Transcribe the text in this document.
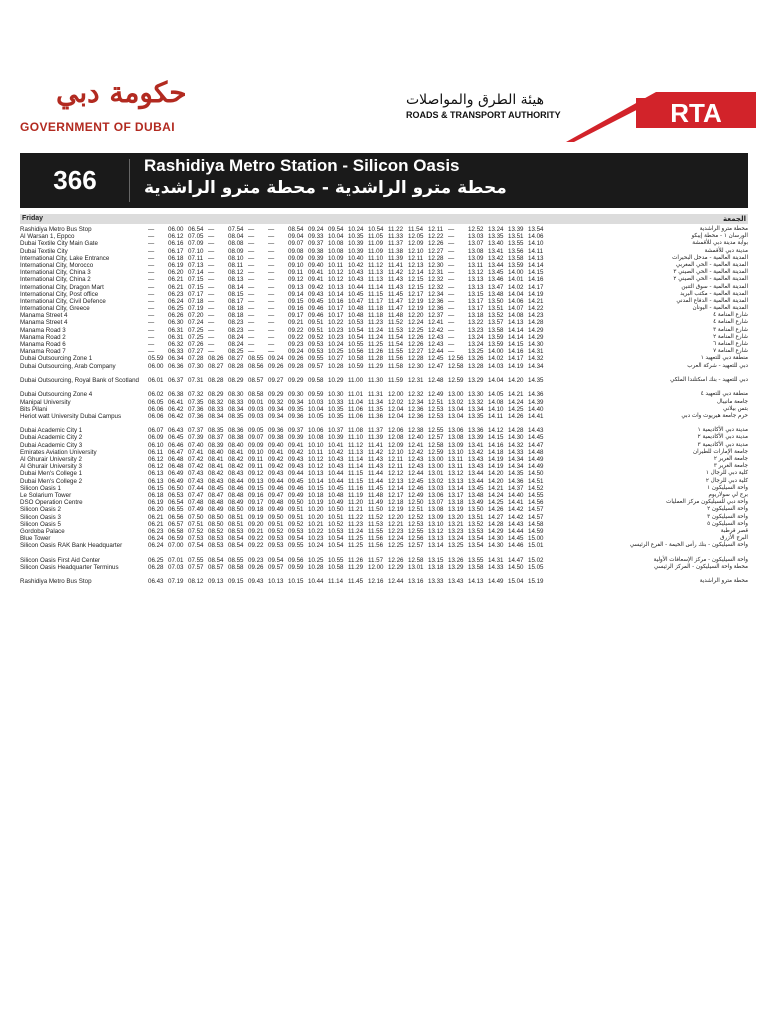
حكومة دبي
GOVERNMENT OF DUBAI
هيئة الطرق والمواصلات
ROADS & TRANSPORT AUTHORITY	RTA
366	Rashidiya Metro Station - Silicon Oasis
محطة مترو الراشدية - محطة مترو الراشدية
Friday	الجمعة
Rashidiya Metro Bus Stop	—	06.00 06.54 —	07.54 —	—	08.54 09.24 09.54 10.24 10.54 11.22 11.54 12.11 —	12.52 13.24 13.39 13.54	محطة مترو الراشدية
Al Warsan 1, Eppco	—	06.12 07.05 —	08.04 —	—	09.04 09.33 10.04 10.35 11.05 11.33 12.05 12.22 —	13.03 13.35 13.51 14.06	الورسان ١ - محطة إيبكو
Dubai Textile City Main Gate	—	06.16 07.09 —	08.08 —	—	09.07 09.37 10.08 10.39 11.09 11.37 12.09 12.26 —	13.07 13.40 13.55 14.10	بوابة مدينة دبي للأقمشة
Dubai Textile City	—	06.17 07.10 —	08.09 —	—	09.08 09.38 10.08 10.39 11.09 11.38 12.10 12.27 —	13.08 13.41 13.56 14.11	مدينة دبي للأقمشة
International City, Lake Entrance	—	06.18 07.11 —	08.10 —	—	09.09 09.39 10.09 10.40 11.10 11.39 12.11 12.28 —	13.09 13.42 13.58 14.13	المدينة العالمية - مدخل البحيرات
International City, Morocco	—	06.19 07.13 —	08.11 —	—	09.10 09.40 10.11 10.42 11.12 11.41 12.13 12.30 —	13.11 13.44 13.59 14.14	المدينة العالمية - الحي المغربي
International City, China 3	—	06.20 07.14 —	08.12 —	—	09.11 09.41 10.12 10.43 11.13 11.42 12.14 12.31 —	13.12 13.45 14.00 14.15	المدينة العالمية - الحي الصيني ٣
International City, China 2	—	06.21 07.15 —	08.13 —	—	09.12 09.41 10.12 10.43 11.13 11.43 12.15 12.32 —	13.13 13.46 14.01 14.16	المدينة العالمية - الحي الصيني ٢
International City, Dragon Mart	—	06.21 07.15 —	08.14 —	—	09.13 09.42 10.13 10.44 11.14 11.43 12.15 12.32 —	13.13 13.47 14.02 14.17	المدينة العالمية - سوق التنين
International City, Post office	—	06.23 07.17 —	08.15 —	—	09.14 09.43 10.14 10.45 11.15 11.45 12.17 12.34 —	13.15 13.48 14.04 14.19	المدينة العالمية - مكتب البريد
International City, Civil Defence	—	06.24 07.18 —	08.17 —	—	09.15 09.45 10.16 10.47 11.17 11.47 12.19 12.36 —	13.17 13.50 14.06 14.21	المدينة العالمية - الدفاع المدني
International City, Greece	—	06.25 07.19 —	08.18 —	—	09.16 09.46 10.17 10.48 11.18 11.47 12.19 12.36 —	13.17 13.51 14.07 14.22	المدينة العالمية - اليونان
Manama Street 4	—	06.26 07.20 —	08.18 —	—	09.17 09.46 10.17 10.48 11.18 11.48 12.20 12.37 —	13.18 13.52 14.08 14.23	شارع المنامة ٤
Manama Street 4	—	06.30 07.24 —	08.23 —	—	09.21 09.51 10.22 10.53 11.23 11.52 12.24 12.41 —	13.22 13.57 14.13 14.28	شارع المنامة ٤
Manama Road 3	—	06.31 07.25 —	08.23 —	—	09.22 09.51 10.23 10.54 11.24 11.53 12.25 12.42 —	13.23 13.58 14.14 14.29	شارع المنامة ٣
Manama Road 2	—	06.31 07.25 —	08.24 —	—	09.22 09.52 10.23 10.54 11.24 11.54 12.26 12.43 —	13.24 13.59 14.14 14.29	شارع المنامة ٢
Manama Road 6	—	06.32 07.26 —	08.24 —	—	09.23 09.53 10.24 10.55 11.25 11.54 12.26 12.43 —	13.24 13.59 14.15 14.30	شارع المنامة ٦
Manama Road 7	—	06.33 07.27 —	08.25 —	—	09.24 09.53 10.25 10.56 11.26 11.55 12.27 12.44 —	13.25 14.00 14.16 14.31	شارع المنامة ٧
Dubai Outsourcing Zone 1	05.59 06.34 07.28 08.26 08.27 08.55 09.24 09.26 09.55 10.27 10.58 11.28 11.56 12.28 12.45 12.56 13.26 14.02 14.17 14.32	منطقة دبي للتعهيد ١
Dubai Outsourcing, Arab Company	06.00 06.36 07.30 08.27 08.28 08.56 09.26 09.28 09.57 10.28 10.59 11.29 11.58 12.30 12.47 12.58 13.28 14.03 14.19 14.34	دبي للتعهيد - شركة العرب
Dubai Outsourcing, Royal Bank of Scotland	06.01 06.37 07.31 08.28 08.29 08.57 09.27 09.29 09.58 10.29 11.00 11.30 11.59 12.31 12.48 12.59 13.29 14.04 14.20 14.35	دبي للتعهيد - بنك اسكتلندا الملكي
Dubai Outsourcing Zone 4	06.02 06.38 07.32 08.29 08.30 08.58 09.29 09.30 09.59 10.30 11.01 11.31 12.00 12.32 12.49 13.00 13.30 14.05 14.21 14.36	منطقة دبي للتعهيد ٤
Manipal University	06.05 06.41 07.35 08.32 08.33 09.01 09.32 09.34 10.03 10.33 11.04 11.34 12.02 12.34 12.51 13.02 13.32 14.08 14.24 14.39	جامعة مانيبال
Bits Pilani	06.06 06.42 07.36 08.33 08.34 09.03 09.34 09.35 10.04 10.35 11.06 11.35 12.04 12.36 12.53 13.04 13.34 14.10 14.25 14.40	بتس بيلاني
Heriot watt University Dubai Campus	06.06 06.42 07.36 08.34 08.35 09.03 09.34 09.36 10.05 10.35 11.06 11.36 12.04 12.36 12.53 13.04 13.35 14.11 14.26 14.41	حرم جامعة هيريوت وات دبي
Dubai Academic City 1	06.07 06.43 07.37 08.35 08.36 09.05 09.36 09.37 10.06 10.37 11.08 11.37 12.06 12.38 12.55 13.06 13.36 14.12 14.28 14.43	مدينة دبي الأكاديمية ١
Dubai Academic City 2	06.09 06.45 07.39 08.37 08.38 09.07 09.38 09.39 10.08 10.39 11.10 11.39 12.08 12.40 12.57 13.08 13.39 14.15 14.30 14.45	مدينة دبي الأكاديمية ٢
Dubai Academic City 3	06.10 06.46 07.40 08.39 08.40 09.09 09.40 09.41 10.10 10.41 11.12 11.41 12.09 12.41 12.58 13.09 13.41 14.16 14.32 14.47	مدينة دبي الأكاديمية ٣
Emirates Aviation University	06.11 06.47 07.41 08.40 08.41 09.10 09.41 09.42 10.11 10.42 11.13 11.42 12.10 12.42 12.59 13.10 13.42 14.18 14.33 14.48	جامعة الإمارات للطيران
Al Ghurair University 2	06.12 06.48 07.42 08.41 08.42 09.11 09.42 09.43 10.12 10.43 11.14 11.43 12.11 12.43 13.00 13.11 13.43 14.19 14.34 14.49	جامعة الغرير ٢
Al Ghurair University 3	06.12 06.48 07.42 08.41 08.42 09.11 09.42 09.43 10.12 10.43 11.14 11.43 12.11 12.43 13.00 13.11 13.43 14.19 14.34 14.49	جامعة الغرير ٣
Dubai Men's College 1	06.13 06.49 07.43 08.42 08.43 09.12 09.43 09.44 10.13 10.44 11.15 11.44 12.12 12.44 13.01 13.12 13.44 14.20 14.35 14.50	كلية دبي للرجال ١
Dubai Men's College 2	06.13 06.49 07.43 08.43 08.44 09.13 09.44 09.45 10.14 10.44 11.15 11.44 12.13 12.45 13.02 13.13 13.44 14.20 14.36 14.51	كلية دبي للرجال ٢
Silicon Oasis 1	06.15 06.50 07.44 08.45 08.46 09.15 09.46 09.46 10.15 10.45 11.16 11.45 12.14 12.46 13.03 13.14 13.45 14.21 14.37 14.52	واحة السيليكون ١
Le Solarium Tower	06.18 06.53 07.47 08.47 08.48 09.16 09.47 09.49 10.18 10.48 11.19 11.48 12.17 12.49 13.06 13.17 13.48 14.24 14.40 14.55	برج لي سولاريوم
DSO Operation Centre	06.19 06.54 07.48 08.48 08.49 09.17 09.48 09.50 10.19 10.49 11.20 11.49 12.18 12.50 13.07 13.18 13.49 14.25 14.41 14.56	واحة دبي للسيليكون مركز العمليات
Silicon Oasis 2	06.20 06.55 07.49 08.49 08.50 09.18 09.49 09.51 10.20 10.50 11.21 11.50 12.19 12.51 13.08 13.19 13.50 14.26 14.42 14.57	واحة السيليكون ٢
Silicon Oasis 3	06.21 06.56 07.50 08.50 08.51 09.19 09.50 09.51 10.20 10.51 11.22 11.52 12.20 12.52 13.09 13.20 13.51 14.27 14.42 14.57	واحة السيليكون ٣
Silicon Oasis 5	06.21 06.57 07.51 08.50 08.51 09.20 09.51 09.52 10.21 10.52 11.23 11.53 12.21 12.53 13.10 13.21 13.52 14.28 14.43 14.58	واحة السيليكون ٥
Gordoba Palace	06.23 06.58 07.52 08.52 08.53 09.21 09.52 09.53 10.22 10.53 11.24 11.55 12.23 12.55 13.12 13.23 13.53 14.29 14.44 14.59	قصر قرطبة
Blue Tower	06.24 06.59 07.53 08.53 08.54 09.22 09.53 09.54 10.23 10.54 11.25 11.56 12.24 12.56 13.13 13.24 13.54 14.30 14.45 15.00	البرج الأزرق
Silicon Oasis RAK Bank Headquarter	06.24 07.00 07.54 08.53 08.54 09.22 09.53 09.55 10.24 10.54 11.25 11.56 12.25 12.57 13.14 13.25 13.54 14.30 14.46 15.01	واحة السيليكون - بنك رأس الخيمة - الفرع الرئيسي
Silicon Oasis First Aid Center	06.25 07.01 07.55 08.54 08.55 09.23 09.54 09.56 10.25 10.55 11.26 11.57 12.26 12.58 13.15 13.26 13.55 14.31 14.47 15.02	واحة السيليكون - مركز الإسعافات الأولية
Silicon Oasis Headquarter Terminus	06.28 07.03 07.57 08.57 08.58 09.26 09.57 09.59 10.28 10.58 11.29 12.00 12.29 13.01 13.18 13.29 13.58 14.33 14.50 15.05	محطة واحة السيليكون - المركز الرئيسي
Rashidiya Metro Bus Stop	06.43 07.19 08.12 09.13 09.15 09.43 10.13 10.15 10.44 11.14 11.45 12.16 12.44 13.16 13.33 13.43 14.13 14.49 15.04 15.19	محطة مترو الراشدية
